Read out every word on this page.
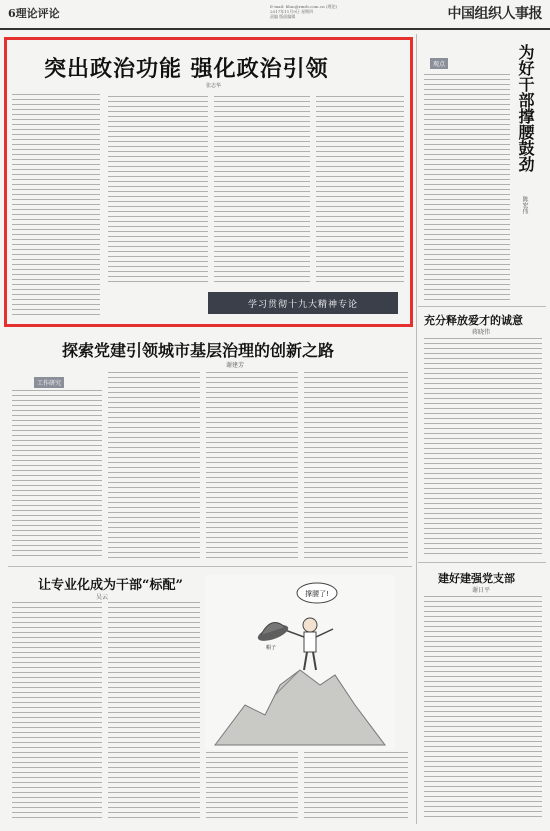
6理论评论
E-mail: lilun@rmrb.com.cn (理论)
2017年11月9日 星期四
责编 版面编辑	中国组织人事报
突出政治功能 强化政治引领
张志华
学习贯彻十九大精神专论
观点	为好干部撑腰鼓劲
陈宏伟
充分释放爱才的诚意
蒋晓伟
建好建强党支部
谢日平
探索党建引领城市基层治理的创新之路
谢建芳
工作研究
让专业化成为干部“标配”
吴云	撑腰了!
帽子
